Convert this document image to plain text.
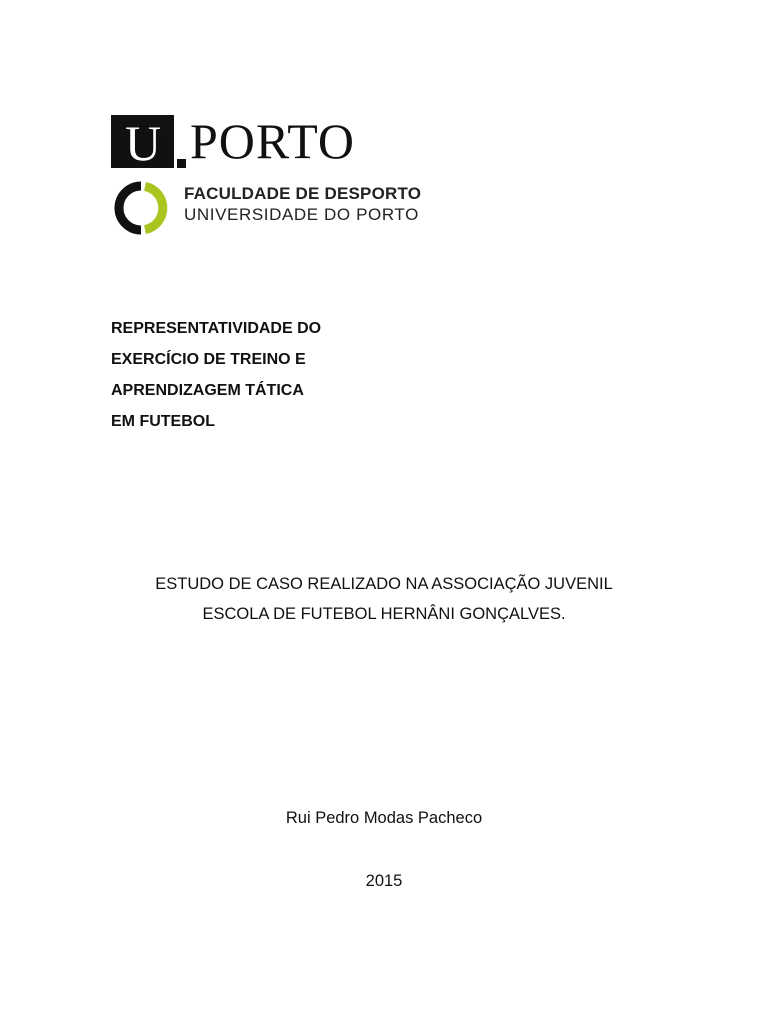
U PORTO
FACULDADE DE DESPORTO
UNIVERSIDADE DO PORTO
REPRESENTATIVIDADE DO
EXERCÍCIO DE TREINO E
APRENDIZAGEM TÁTICA
EM FUTEBOL
ESTUDO DE CASO REALIZADO NA ASSOCIAÇÃO JUVENIL
ESCOLA DE FUTEBOL HERNÂNI GONÇALVES.
Rui Pedro Modas Pacheco
2015
